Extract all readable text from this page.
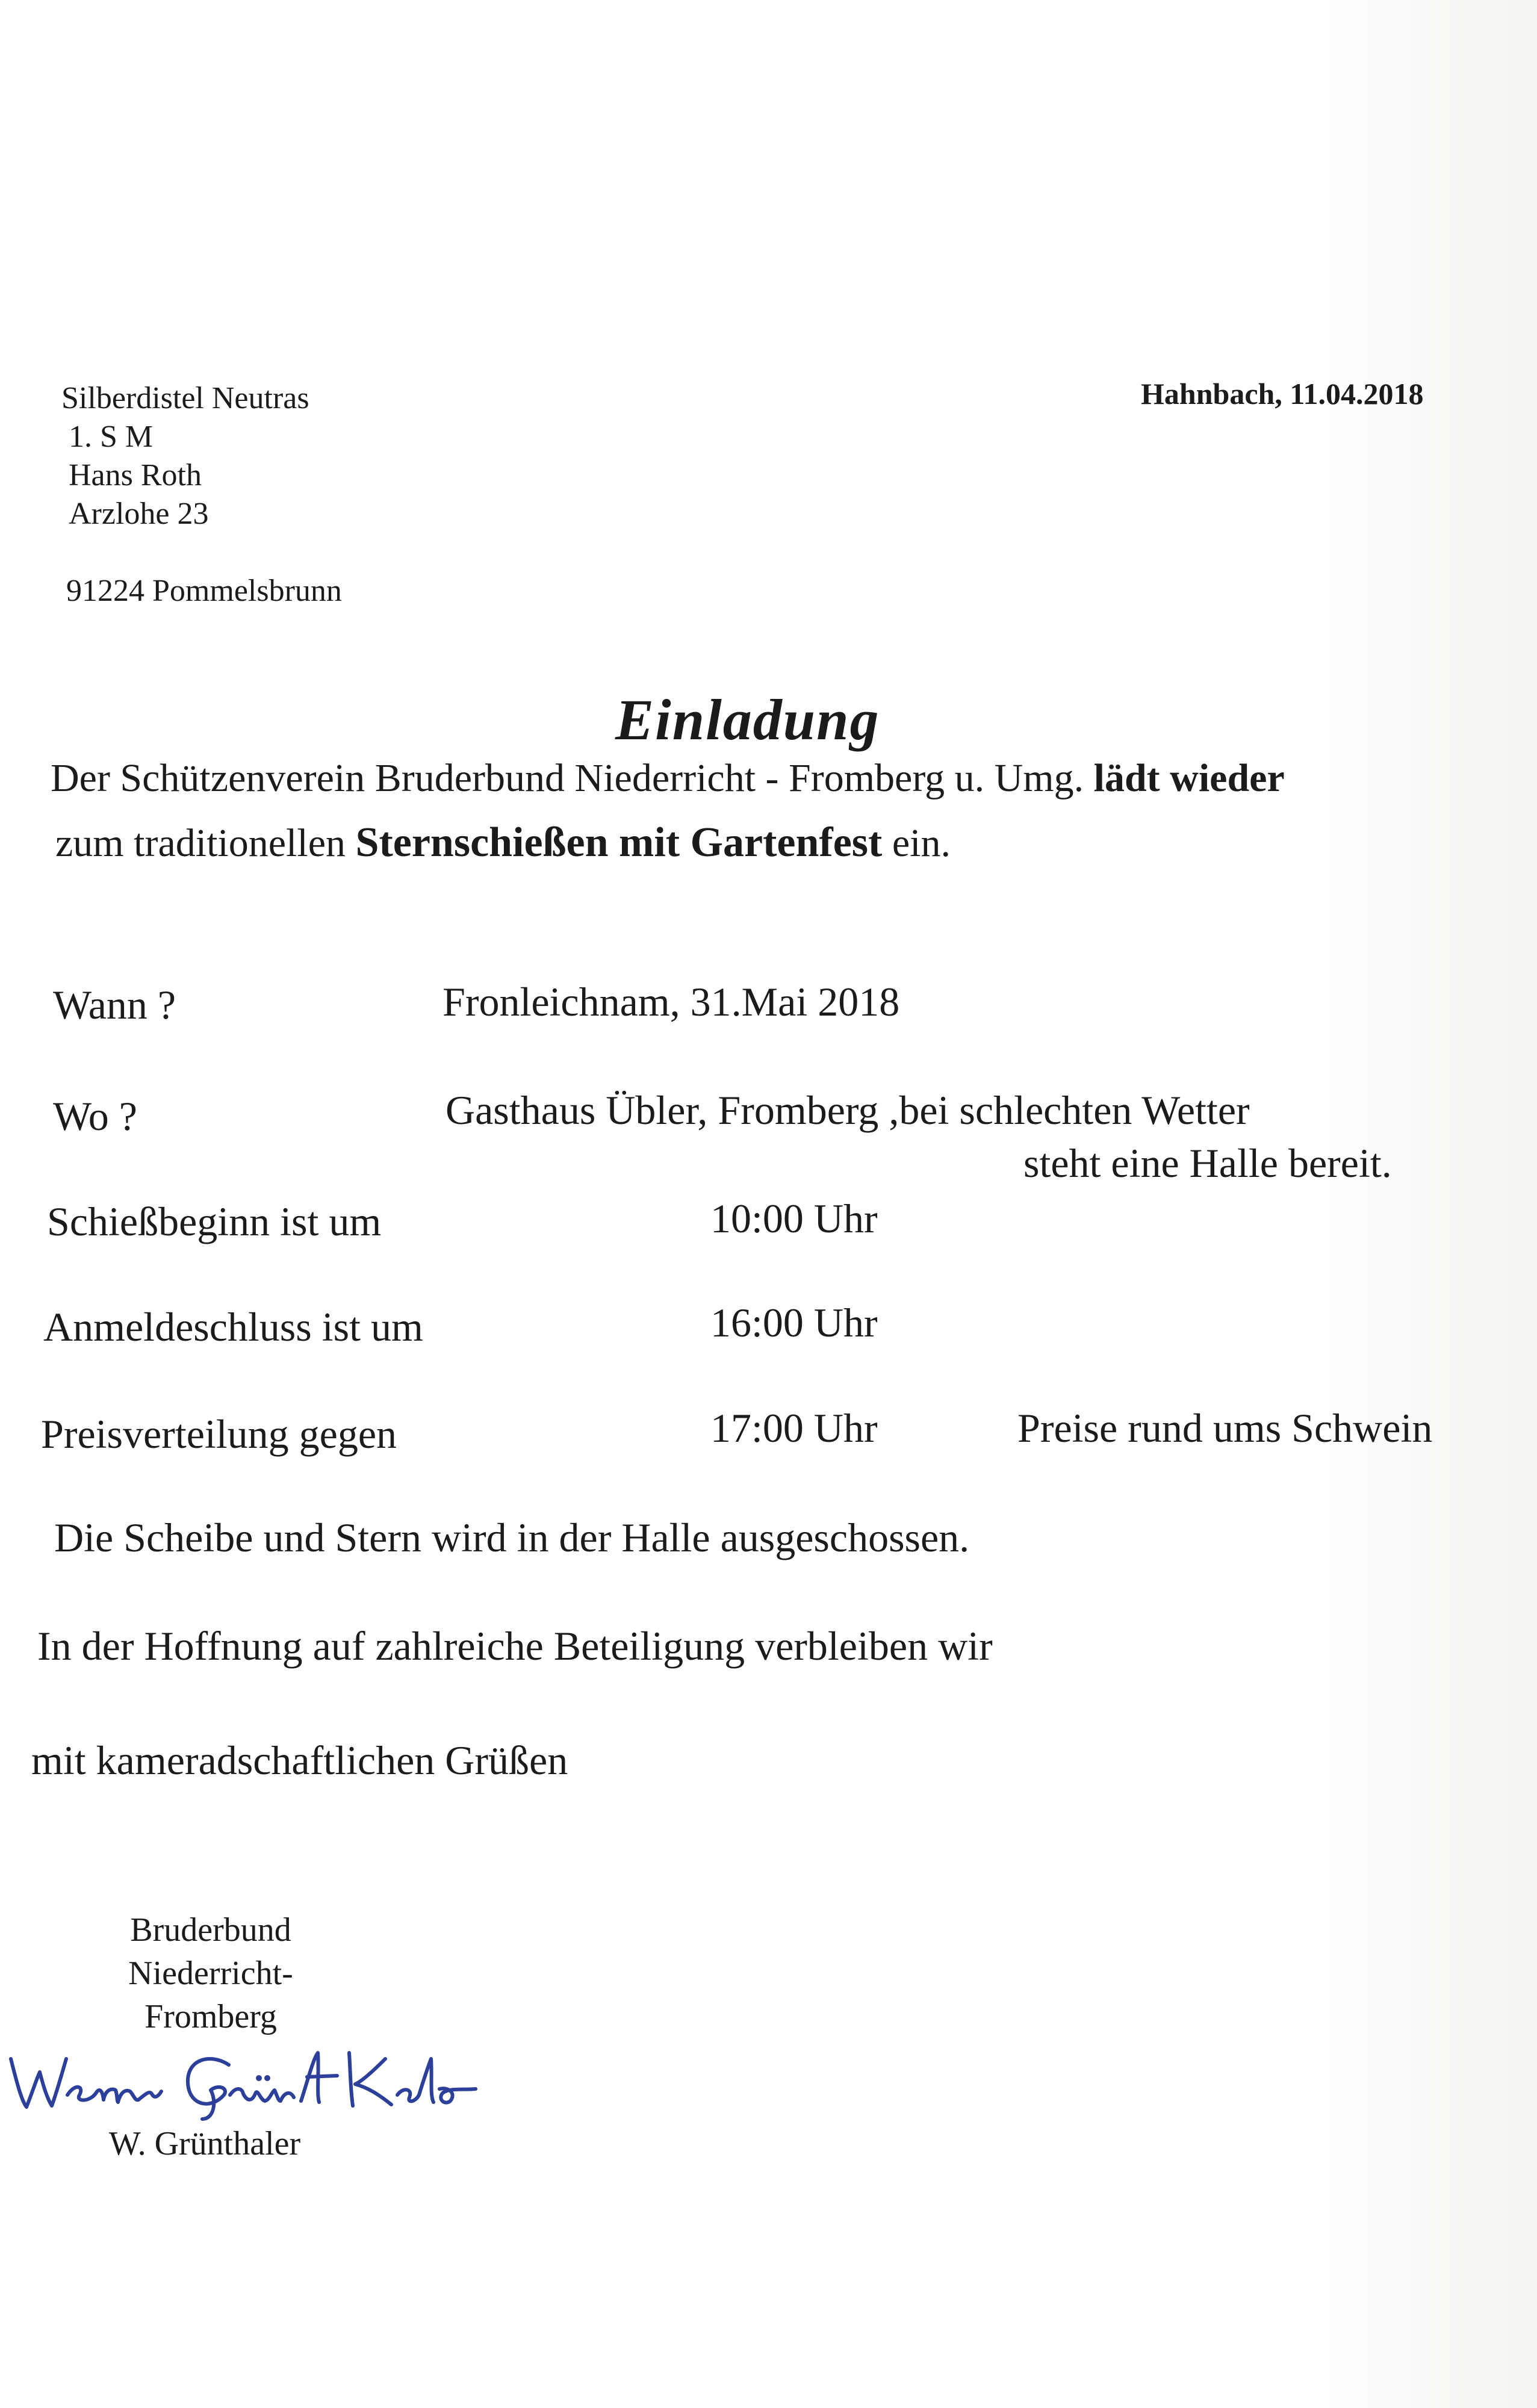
Silberdistel Neutras
1. S M
Hans Roth
Arzlohe 23
91224 Pommelsbrunn
Hahnbach, 11.04.2018
Einladung
Der Schützenverein Bruderbund Niederricht - Fromberg u. Umg. lädt wieder
zum traditionellen Sternschießen mit Gartenfest ein.
Wann ?	Fronleichnam, 31.Mai 2018
Wo ?	Gasthaus Übler, Fromberg ,bei schlechten Wetter
steht eine Halle bereit.
Schießbeginn ist um	10:00 Uhr
Anmeldeschluss ist um	16:00 Uhr
Preisverteilung gegen	17:00 Uhr	Preise rund ums Schwein
Die Scheibe und Stern wird in der Halle ausgeschossen.
In der Hoffnung auf zahlreiche Beteiligung verbleiben wir
mit kameradschaftlichen Grüßen
Bruderbund
Niederricht-
Fromberg
W. Grünthaler
